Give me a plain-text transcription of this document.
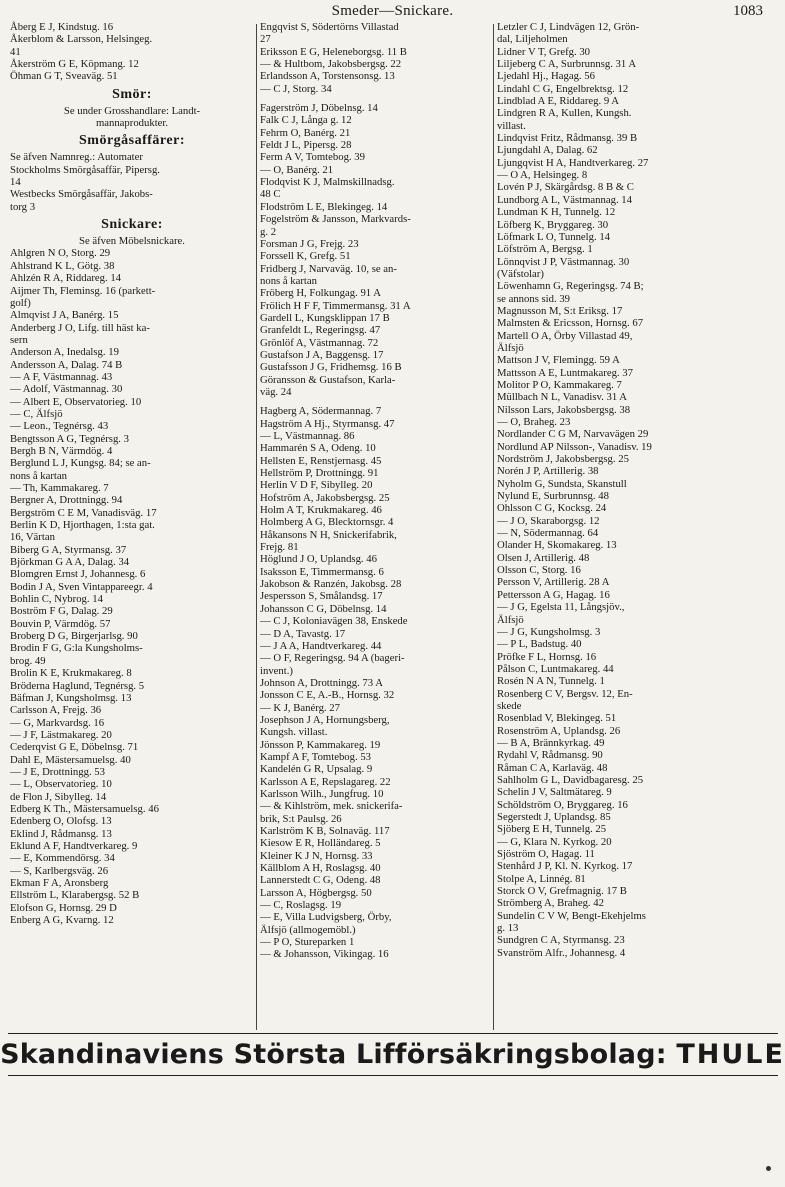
Smeder—Snickare.	1083
Åberg E J, Kindstug. 16
Åkerblom & Larsson, Helsingeg.
41
Åkerström G E, Köpmang. 12
Öhman G T, Sveaväg. 51
Smör:
Se under Grosshandlare: Landt-
mannaprodukter.
Smörgåsaffärer:
Se äfven Namnreg.: Automater
Stockholms Smörgåsaffär, Pipersg.
14
Westbecks Smörgåsaffär, Jakobs-
torg 3
Snickare:
Se äfven Möbelsnickare.
Ahlgren N O, Storg. 29
Ahlstrand K L, Götg. 38
Ahlzén R A, Riddareg. 14
Aijmer Th, Fleminsg. 16 (parkett-
golf)
Almqvist J A, Banérg. 15
Anderberg J O, Lifg. till häst ka-
sern
Anderson A, Inedalsg. 19
Andersson A, Dalag. 74 B
— A F, Västmannag. 43
— Adolf, Västmannag. 30
— Albert E, Observatorieg. 10
— C, Älfsjö
— Leon., Tegnérsg. 43
Bengtsson A G, Tegnérsg. 3
Bergh B N, Värmdög. 4
Berglund L J, Kungsg. 84; se an-
nons å kartan
— Th, Kammakareg. 7
Bergner A, Drottningg. 94
Bergström C E M, Vanadisväg. 17
Berlin K D, Hjorthagen, 1:sta gat.
16, Värtan
Biberg G A, Styrmansg. 37
Björkman G A A, Dalag. 34
Blomgren Ernst J, Johannesg. 6
Bodin J A, Sven Vintappareegr. 4
Bohlin C, Nybrog. 14
Boström F G, Dalag. 29
Bouvin P, Värmdög. 57
Broberg D G, Birgerjarlsg. 90
Brodin F G, G:la Kungsholms-
brog. 49
Brolin K E, Krukmakareg. 8
Bröderna Haglund, Tegnérsg. 5
Bäfman J, Kungsholmsg. 13
Carlsson A, Frejg. 36
— G, Markvardsg. 16
— J F, Lästmakareg. 20
Cederqvist G E, Döbelnsg. 71
Dahl E, Mästersamuelsg. 40
— J E, Drottningg. 53
— L, Observatorieg. 10
de Flon J, Sibylleg. 14
Edberg K Th., Mästersamuelsg. 46
Edenberg O, Olofsg. 13
Eklind J, Rådmansg. 13
Eklund A F, Handtverkareg. 9
— E, Kommendörsg. 34
— S, Karlbergsväg. 26
Ekman F A, Aronsberg
Ellström L, Klarabergsg. 52 B
Elofson G, Hornsg. 29 D
Enberg A G, Kvarng. 12
Engqvist S, Södertörns Villastad
27
Eriksson E G, Heleneborgsg. 11 B
— & Hultbom, Jakobsbergsg. 22
Erlandsson A, Torstensonsg. 13
— C J, Storg. 34
Fagerström J, Döbelnsg. 14
Falk C J, Långa g. 12
Fehrm O, Banérg. 21
Feldt J L, Pipersg. 28
Ferm A V, Tomtebog. 39
— O, Banérg. 21
Flodqvist K J, Malmskillnadsg.
48 C
Flodström L E, Blekingeg. 14
Fogelström & Jansson, Markvards-
g. 2
Forsman J G, Frejg. 23
Forssell K, Grefg. 51
Fridberg J, Narvaväg. 10, se an-
nons å kartan
Fröberg H, Folkungag. 91 A
Frölich H F F, Timmermansg. 31 A
Gardell L, Kungsklippan 17 B
Granfeldt L, Regeringsg. 47
Grönlöf A, Västmannag. 72
Gustafson J A, Baggensg. 17
Gustafsson J G, Fridhemsg. 16 B
Göransson & Gustafson, Karla-
väg. 24
Hagberg A, Södermannag. 7
Hagström A Hj., Styrmansg. 47
— L, Västmannag. 86
Hammarén S A, Odeng. 10
Hellsten E, Renstjernasg. 45
Hellström P, Drottningg. 91
Herlin V D F, Sibylleg. 20
Hofström A, Jakobsbergsg. 25
Holm A T, Krukmakareg. 46
Holmberg A G, Blecktornsgr. 4
Håkansons N H, Snickerifabrik,
Frejg. 81
Höglund J O, Uplandsg. 46
Isaksson E, Timmermansg. 6
Jakobson & Ranzén, Jakobsg. 28
Jespersson S, Smålandsg. 17
Johansson C G, Döbelnsg. 14
— C J, Koloniavägen 38, Enskede
— D A, Tavastg. 17
— J A A, Handtverkareg. 44
— O F, Regeringsg. 94 A (bageri-
invent.)
Johnson A, Drottningg. 73 A
Jonsson C E, A.-B., Hornsg. 32
— K J, Banérg. 27
Josephson J A, Hornungsberg,
Kungsh. villast.
Jönsson P, Kammakareg. 19
Kampf A F, Tomtebog. 53
Kandelén G R, Upsalag. 9
Karlsson A E, Repslagareg. 22
Karlsson Wilh., Jungfrug. 10
— & Kihlström, mek. snickerifa-
brik, S:t Paulsg. 26
Karlström K B, Solnaväg. 117
Kiesow E R, Holländareg. 5
Kleiner K J N, Hornsg. 33
Källblom A H, Roslagsg. 40
Lannerstedt C G, Odeng. 48
Larsson A, Högbergsg. 50
— C, Roslagsg. 19
— E, Villa Ludvigsberg, Örby,
Älfsjö (allmogemöbl.)
— P O, Stureparken 1
— & Johansson, Vikingag. 16
Letzler C J, Lindvägen 12, Grön-
dal, Liljeholmen
Lidner V T, Grefg. 30
Liljeberg C A, Surbrunnsg. 31 A
Ljedahl Hj., Hagag. 56
Lindahl C G, Engelbrektsg. 12
Lindblad A E, Riddareg. 9 A
Lindgren R A, Kullen, Kungsh.
villast.
Lindqvist Fritz, Rådmansg. 39 B
Ljungdahl A, Dalag. 62
Ljungqvist H A, Handtverkareg. 27
— O A, Helsingeg. 8
Lovén P J, Skärgårdsg. 8 B & C
Lundborg A L, Västmannag. 14
Lundman K H, Tunnelg. 12
Löfberg K, Bryggareg. 30
Löfmark L O, Tunnelg. 14
Löfström A, Bergsg. 1
Lönnqvist J P, Västmannag. 30
(Väfstolar)
Löwenhamn G, Regeringsg. 74 B;
se annons sid. 39
Magnusson M, S:t Eriksg. 17
Malmsten & Ericsson, Hornsg. 67
Martell O A, Örby Villastad 49,
Älfsjö
Mattson J V, Flemingg. 59 A
Mattsson A E, Luntmakareg. 37
Molitor P O, Kammakareg. 7
Müllbach N L, Vanadisv. 31 A
Nilsson Lars, Jakobsbergsg. 38
— O, Braheg. 23
Nordlander C G M, Narvavägen 29
Nordlund AP Nilsson-, Vanadisv. 19
Nordström J, Jakobsbergsg. 25
Norén J P, Artillerig. 38
Nyholm G, Sundsta, Skanstull
Nylund E, Surbrunnsg. 48
Ohlsson C G, Kocksg. 24
— J O, Skaraborgsg. 12
— N, Södermannag. 64
Olander H, Skomakareg. 13
Olsen J, Artillerig. 48
Olsson C, Storg. 16
Persson V, Artillerig. 28 A
Pettersson A G, Hagag. 16
— J G, Egelsta 11, Långsjöv.,
Älfsjö
— J G, Kungsholmsg. 3
— P L, Badstug. 40
Pröfke F L, Hornsg. 16
Pålson C, Luntmakareg. 44
Rosén N A N, Tunnelg. 1
Rosenberg C V, Bergsv. 12, En-
skede
Rosenblad V, Blekingeg. 51
Rosenström A, Uplandsg. 26
— B A, Brännkyrkag. 49
Rydahl V, Rådmansg. 90
Råman C A, Karlaväg. 48
Sahlholm G L, Davidbagaresg. 25
Schelin J V, Saltmätareg. 9
Schöldström O, Bryggareg. 16
Segerstedt J, Uplandsg. 85
Sjöberg E H, Tunnelg. 25
— G, Klara N. Kyrkog. 20
Sjöström O, Hagag. 11
Stenhård J P, Kl. N. Kyrkog. 17
Stolpe A, Linnég. 81
Storck O V, Grefmagnig. 17 B
Strömberg A, Braheg. 42
Sundelin C V W, Bengt-Ekehjelms
g. 13
Sundgren C A, Styrmansg. 23
Svanström Alfr., Johannesg. 4
Skandinaviens Största Lifförsäkringsbolag: THULE
